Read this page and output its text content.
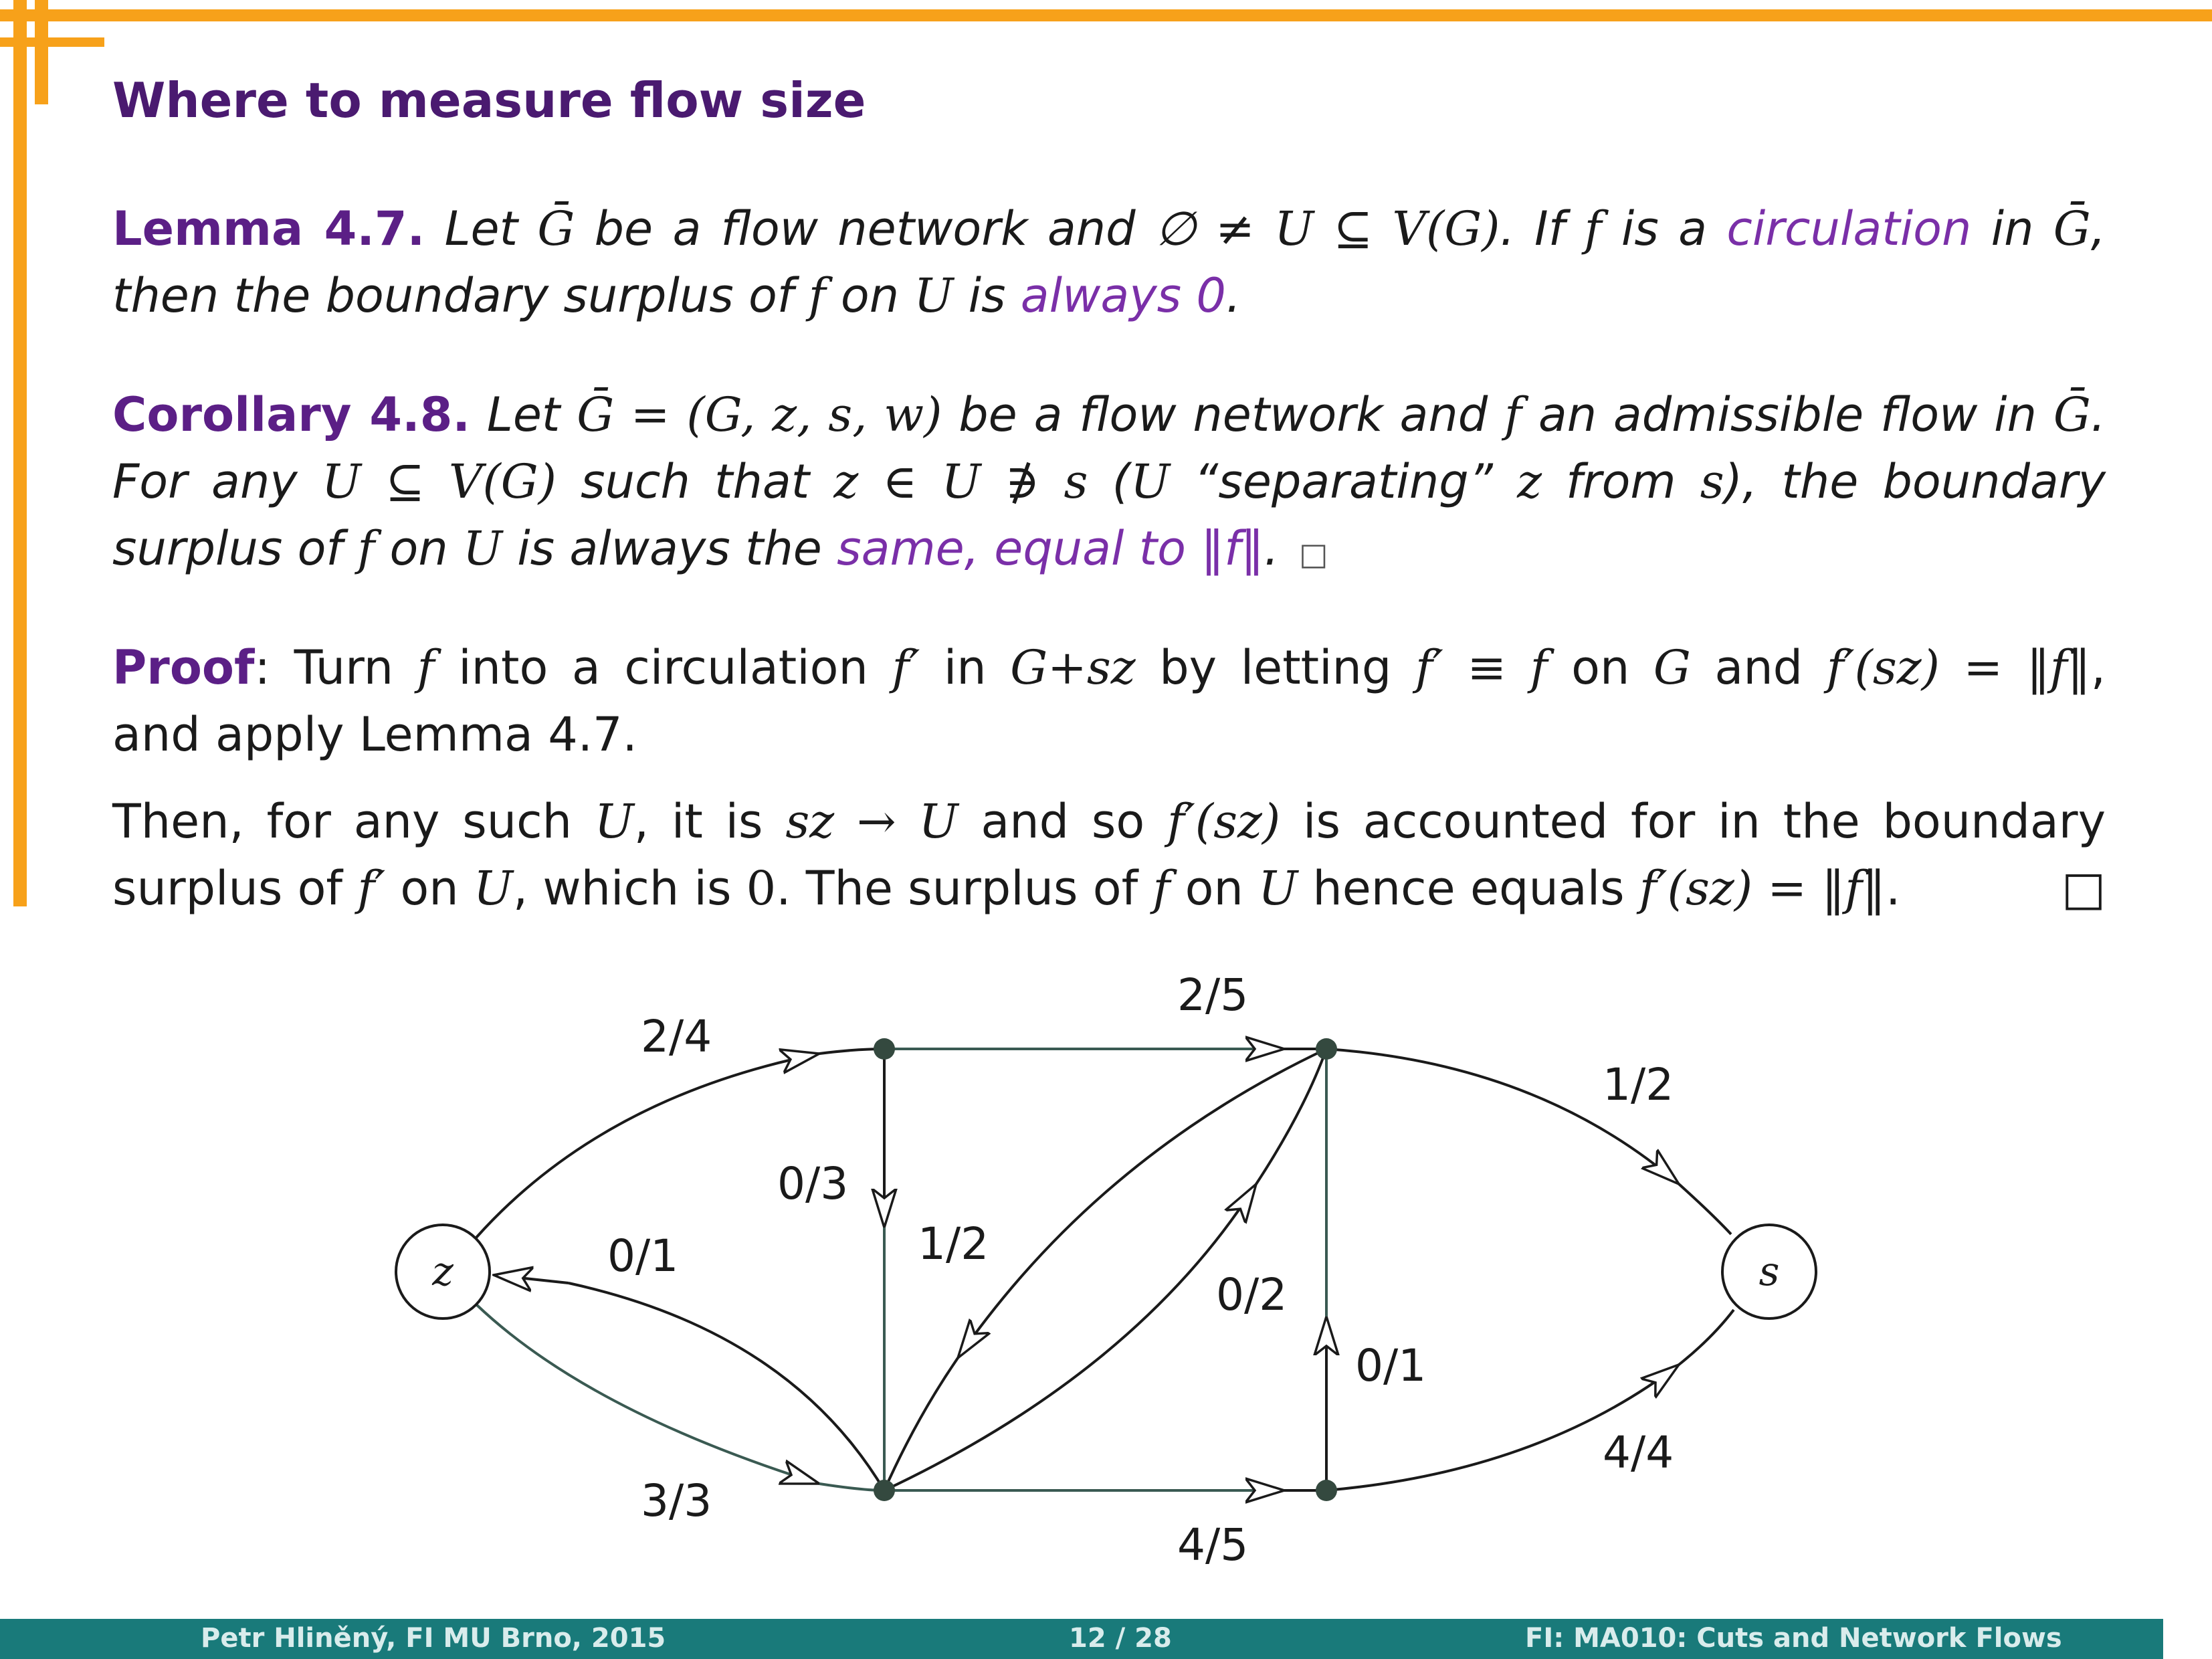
Where to measure flow size
Lemma 4.7. Let Ḡ be a flow network and ∅ ≠ U ⊆ V(G). If f is a circulation in Ḡ,
then the boundary surplus of f on U is always 0.
Corollary 4.8. Let Ḡ = (G, z, s, w) be a flow network and f an admissible flow in Ḡ.
For any U ⊆ V(G) such that z ∈ U ∌ s (U “separating” z from s), the boundary
surplus of f on U is always the same, equal to ‖f‖. □
Proof: Turn f into a circulation f′ in G+sz by letting f′ ≡ f on G and f′(sz) = ‖f‖,
and apply Lemma 4.7.
Then, for any such U, it is sz → U and so f′(sz) is accounted for in the boundary
surplus of f′ on U, which is 0. The surplus of f on U hence equals f′(sz) = ‖f‖.	□
z	s
2/4
3/3
0/1
0/3
2/5
1/2
0/2
0/1
4/5
1/2
4/4
Petr Hliněný, FI MU Brno, 2015	12 / 28	FI: MA010: Cuts and Network Flows
